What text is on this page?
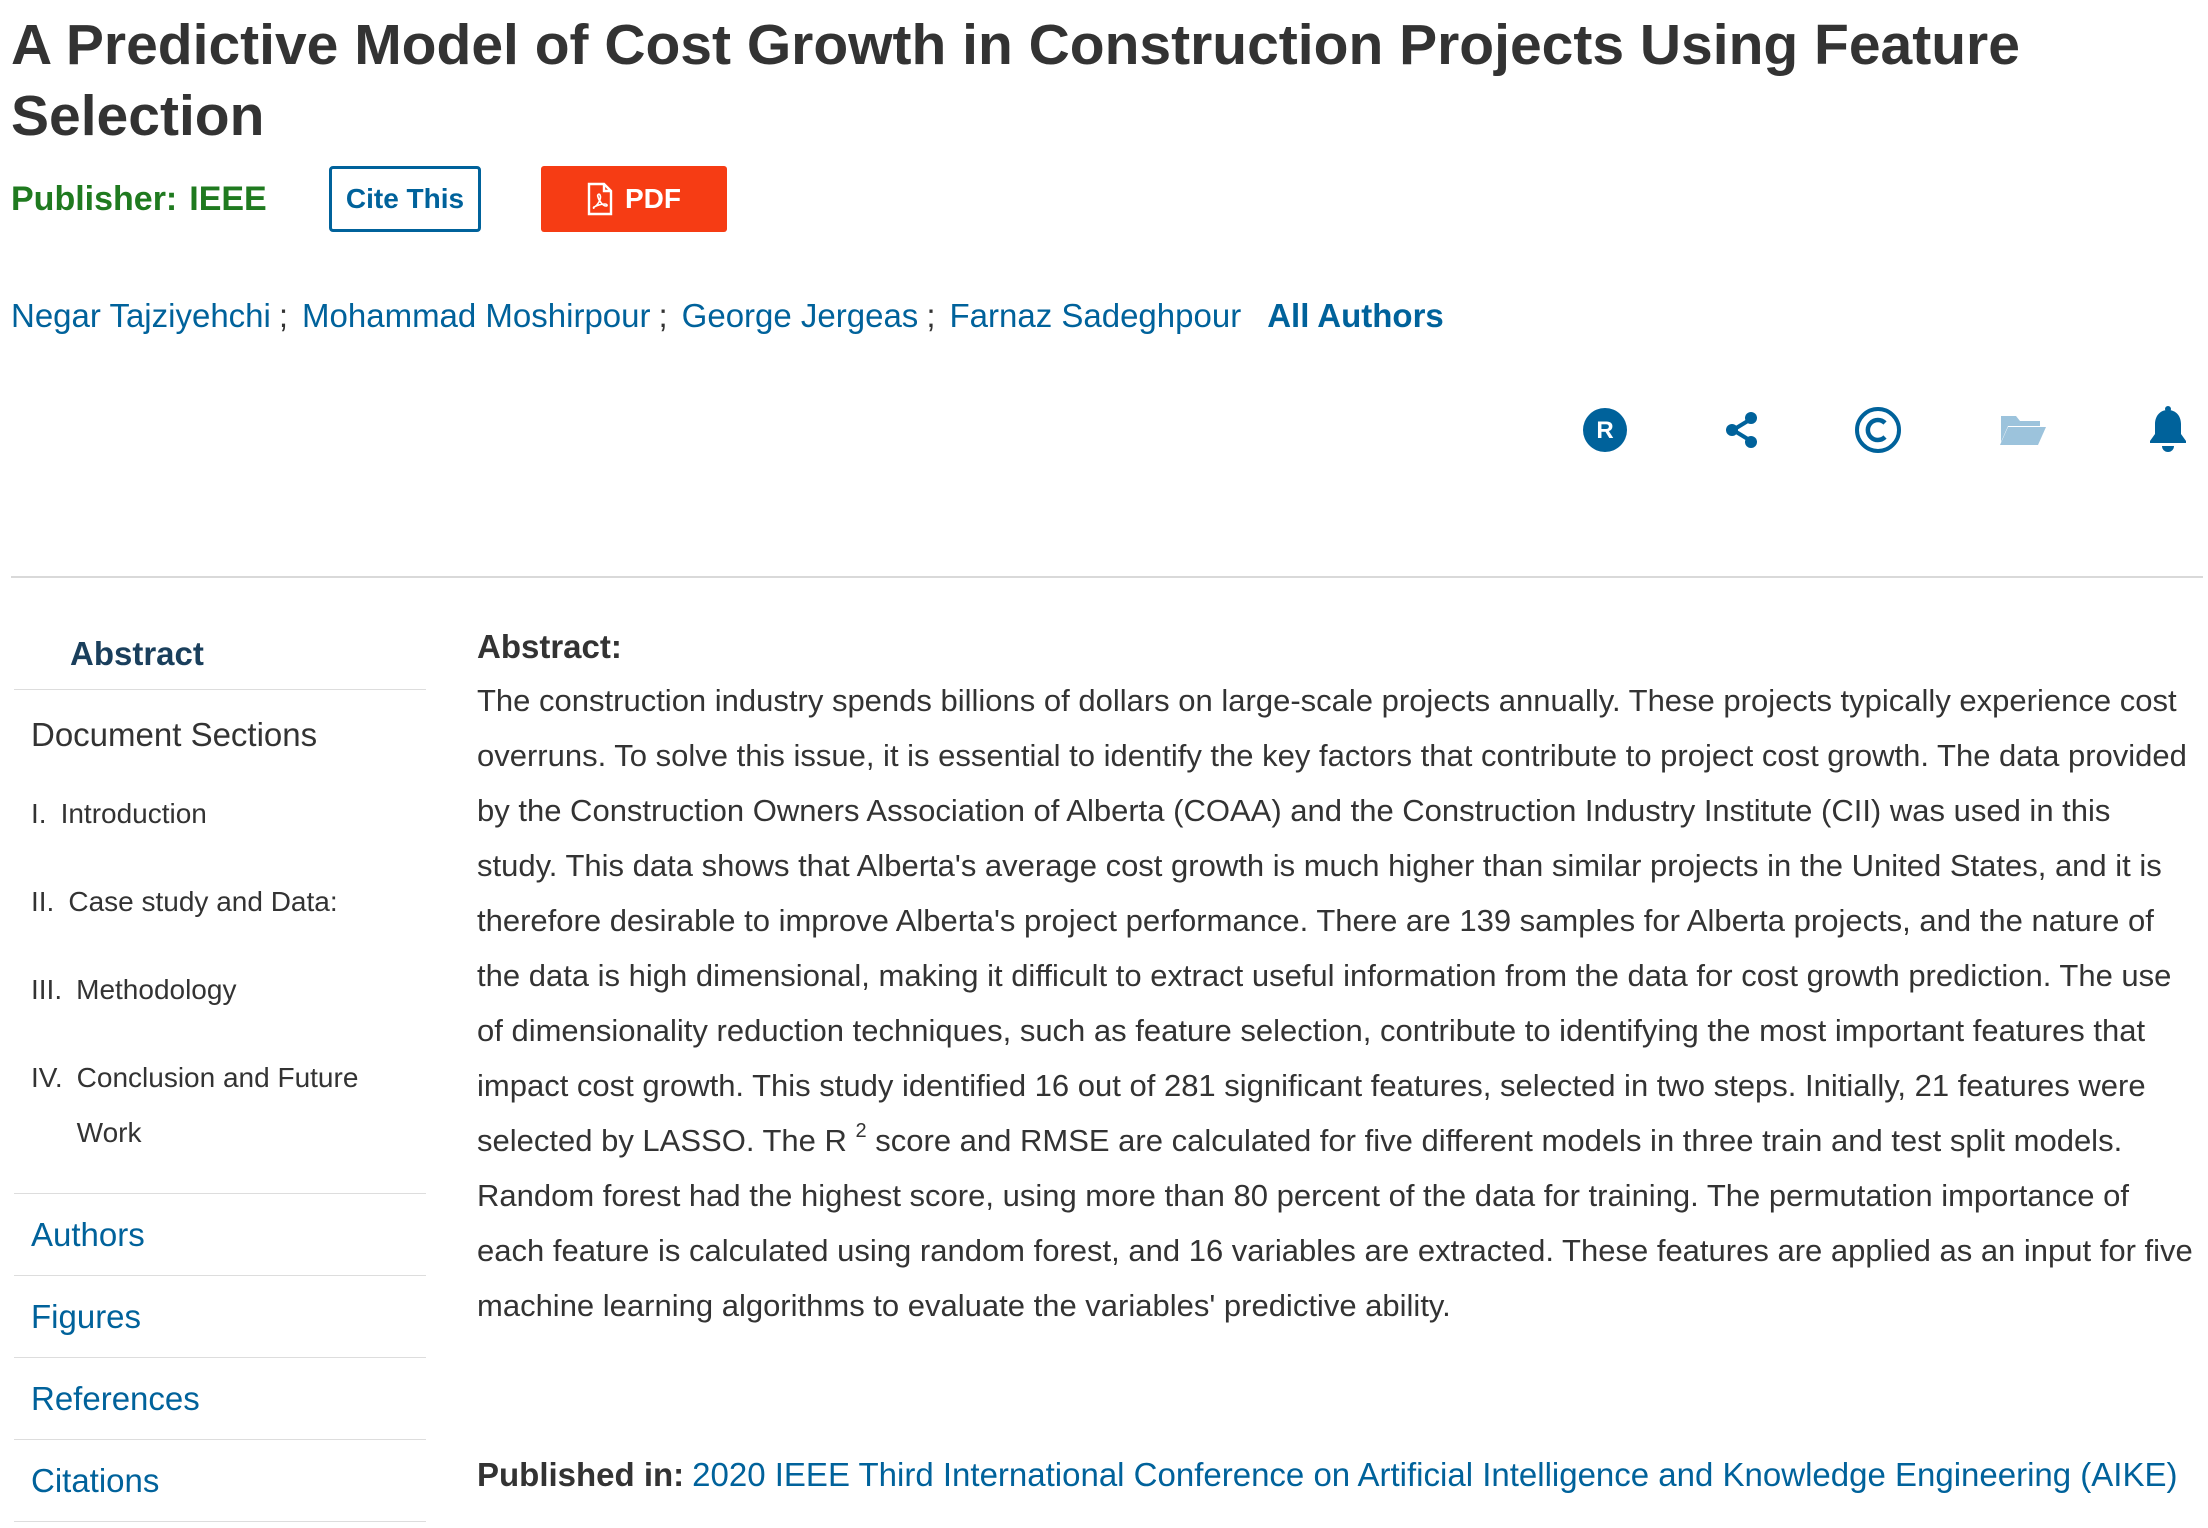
A Predictive Model of Cost Growth in Construction Projects Using Feature Selection
Publisher: IEEE	Cite This	PDF
Negar Tajziyehchi ; Mohammad Moshirpour ; George Jergeas ; Farnaz Sadeghpour All Authors
R
Abstract
Document Sections
I. Introduction
II. Case study and Data:
III. Methodology
IV. Conclusion and Future Work
Authors
Figures
References
Citations
Abstract:

The construction industry spends billions of dollars on large-scale projects annually. These projects typically experience cost overruns. To solve this issue, it is essential to identify the key factors that contribute to project cost growth. The data provided by the Construction Owners Association of Alberta (COAA) and the Construction Industry Institute (CII) was used in this study. This data shows that Alberta's average cost growth is much higher than similar projects in the United States, and it is therefore desirable to improve Alberta's project performance. There are 139 samples for Alberta projects, and the nature of the data is high dimensional, making it difficult to extract useful information from the data for cost growth prediction. The use of dimensionality reduction techniques, such as feature selection, contribute to identifying the most important features that impact cost growth. This study identified 16 out of 281 significant features, selected in two steps. Initially, 21 features were selected by LASSO. The R $^2$ score and RMSE are calculated for five different models in three train and test split models. Random forest had the highest score, using more than 80 percent of the data for training. The permutation importance of each feature is calculated using random forest, and 16 variables are extracted. These features are applied as an input for five machine learning algorithms to evaluate the variables' predictive ability.

Published in: 2020 IEEE Third International Conference on Artificial Intelligence and Knowledge Engineering (AIKE)
